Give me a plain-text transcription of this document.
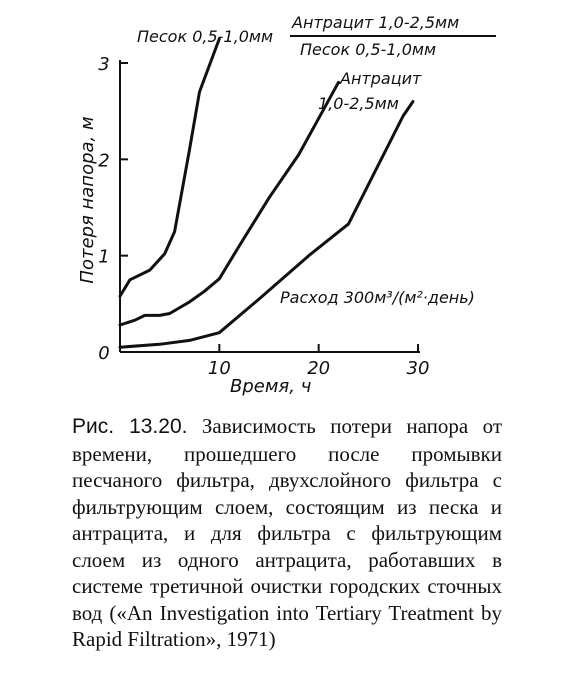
0
1
2
3
10	20	30
Потеря напора, м
Время, ч
Песок 0,5-1,0мм
Антрацит 1,0-2,5мм
Песок 0,5-1,0мм
Антрацит
1,0-2,5мм
Расход 300м³/(м²·день)
Рис. 13.20. Зависимость потери напора от времени, прошедшего после промывки песчаного фильтра, двухслойного фильтра с фильтрующим слоем, состоящим из песка и антрацита, и для фильтра с фильтрующим слоем из одного антрацита, работавших в системе третичной очистки городских сточных вод («An Investigation into Tertiary Treatment by Rapid Filtration», 1971)
